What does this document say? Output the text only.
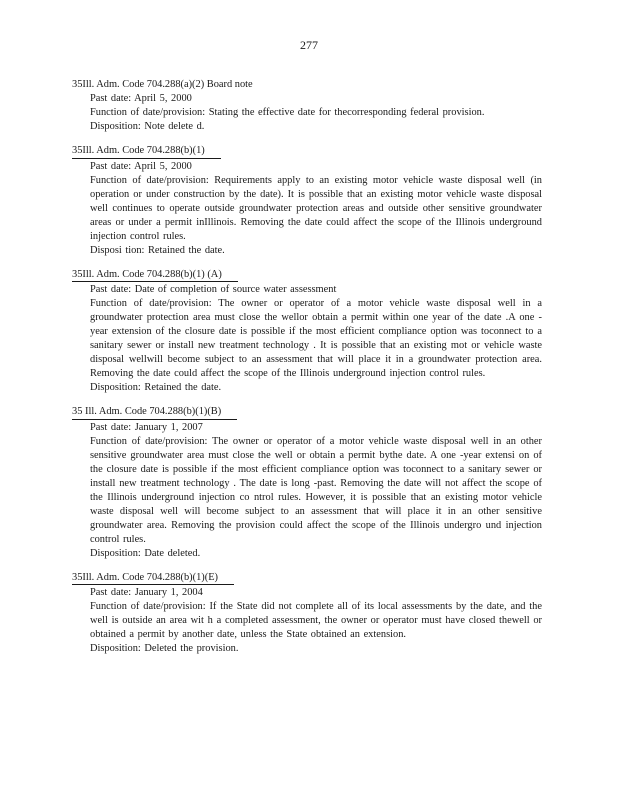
277
35Ill. Adm. Code 704.288(a)(2) Board note
Past date: April 5, 2000
Function of date/provision: Stating the effective date for thecorresponding federal provision.
Disposition: Note delete d.
35Ill. Adm. Code 704.288(b)(1)
Past date: April 5, 2000
Function of date/provision: Requirements apply to an existing motor vehicle waste disposal well (in operation or under construction by the date). It is possible that an existing motor vehicle waste disposal well continues to operate outside groundwater protection areas and outside other sensitive groundwater areas or under a permit inIllinois. Removing the date could affect the scope of the Illinois underground injection control rules.
Disposi tion: Retained the date.
35Ill. Adm. Code 704.288(b)(1) (A)
Past date: Date of completion of source water assessment
Function of date/provision: The owner or operator of a motor vehicle waste disposal well in a groundwater protection area must close the wellor obtain a permit within one year of the date .A one -year extension of the closure date is possible if the most efficient compliance option was toconnect to a sanitary sewer or install new treatment technology . It is possible that an existing mot or vehicle waste disposal wellwill become subject to an assessment that will place it in a groundwater protection area. Removing the date could affect the scope of the Illinois underground injection control rules.
Disposition: Retained the date.
35 Ill. Adm. Code 704.288(b)(1)(B)
Past date: January 1, 2007
Function of date/provision: The owner or operator of a motor vehicle waste disposal well in an other sensitive groundwater area must close the well or obtain a permit bythe date. A one -year extensi on of the closure date is possible if the most efficient compliance option was toconnect to a sanitary sewer or install new treatment technology . The date is long -past. Removing the date will not affect the scope of the Illinois underground injection co ntrol rules. However, it is possible that an existing motor vehicle waste disposal well will become subject to an assessment that will place it in an other sensitive groundwater area. Removing the provision could affect the scope of the Illinois undergro und injection control rules.
Disposition: Date deleted.
35Ill. Adm. Code 704.288(b)(1)(E)
Past date: January 1, 2004
Function of date/provision: If the State did not complete all of its local assessments by the date, and the well is outside an area wit h a completed assessment, the owner or operator must have closed thewell or obtained a permit by another date, unless the State obtained an extension.
Disposition: Deleted the provision.
